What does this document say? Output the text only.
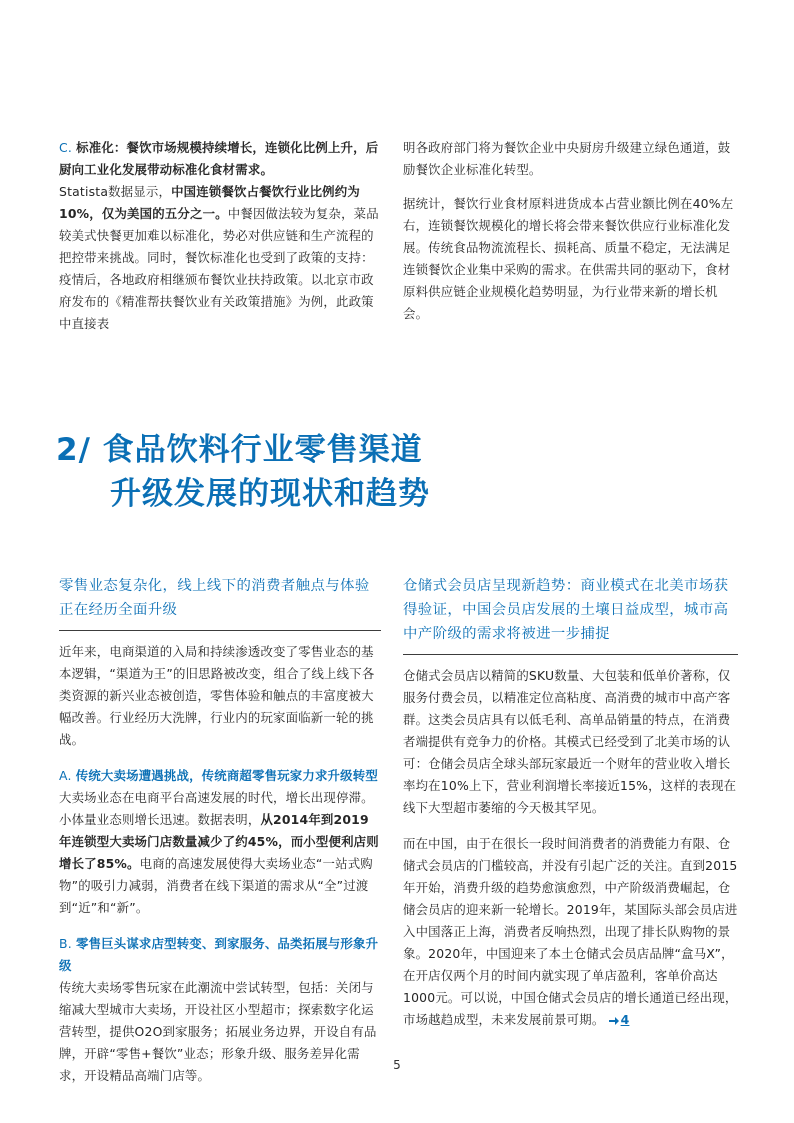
C. 标准化：餐饮市场规模持续增长，连锁化比例上升，后厨向工业化发展带动标准化食材需求。

Statista数据显示，中国连锁餐饮占餐饮行业比例约为10%，仅为美国的五分之一。中餐因做法较为复杂，菜品较美式快餐更加难以标准化，势必对供应链和生产流程的把控带来挑战。同时，餐饮标准化也受到了政策的支持：疫情后，各地政府相继颁布餐饮业扶持政策。以北京市政府发布的《精准帮扶餐饮业有关政策措施》为例，此政策中直接表

明各政府部门将为餐饮企业中央厨房升级建立绿色通道，鼓励餐饮企业标准化转型。

据统计，餐饮行业食材原料进货成本占营业额比例在40%左右，连锁餐饮规模化的增长将会带来餐饮供应行业标准化发展。传统食品物流流程长、损耗高、质量不稳定，无法满足连锁餐饮企业集中采购的需求。在供需共同的驱动下，食材原料供应链企业规模化趋势明显，为行业带来新的增长机会。

2/ 食品饮料行业零售渠道
升级发展的现状和趋势
零售业态复杂化，线上线下的消费者触点与体验正在经历全面升级

近年来，电商渠道的入局和持续渗透改变了零售业态的基本逻辑，“渠道为王”的旧思路被改变，组合了线上线下各类资源的新兴业态被创造，零售体验和触点的丰富度被大幅改善。行业经历大洗牌，行业内的玩家面临新一轮的挑战。

A. 传统大卖场遭遇挑战，传统商超零售玩家力求升级转型
大卖场业态在电商平台高速发展的时代，增长出现停滞。小体量业态则增长迅速。数据表明，从2014年到2019年连锁型大卖场门店数量减少了约45%，而小型便利店则增长了85%。电商的高速发展使得大卖场业态“一站式购物”的吸引力减弱，消费者在线下渠道的需求从“全”过渡到“近”和“新”。

B. 零售巨头谋求店型转变、到家服务、品类拓展与形象升级
传统大卖场零售玩家在此潮流中尝试转型，包括：关闭与缩减大型城市大卖场，开设社区小型超市；探索数字化运营转型，提供O2O到家服务；拓展业务边界，开设自有品牌，开辟“零售+餐饮”业态；形象升级、服务差异化需求，开设精品高端门店等。

仓储式会员店呈现新趋势：商业模式在北美市场获得验证，中国会员店发展的土壤日益成型，城市高中产阶级的需求将被进一步捕捉

仓储式会员店以精简的SKU数量、大包装和低单价著称，仅服务付费会员，以精准定位高粘度、高消费的城市中高产客群。这类会员店具有以低毛利、高单品销量的特点，在消费者端提供有竞争力的价格。其模式已经受到了北美市场的认可：仓储会员店全球头部玩家最近一个财年的营业收入增长率均在10%上下，营业利润增长率接近15%，这样的表现在线下大型超市萎缩的今天极其罕见。

而在中国，由于在很长一段时间消费者的消费能力有限、仓储式会员店的门槛较高，并没有引起广泛的关注。直到2015年开始，消费升级的趋势愈演愈烈，中产阶级消费崛起，仓储会员店的迎来新一轮增长。2019年，某国际头部会员店进入中国落正上海，消费者反响热烈，出现了排长队购物的景象。2020年，中国迎来了本土仓储式会员店品牌“盒马X”，在开店仅两个月的时间内就实现了单店盈利，客单价高达1000元。可以说，中国仓储式会员店的增长通道已经出现，市场越趋成型，未来发展前景可期。 4

5
